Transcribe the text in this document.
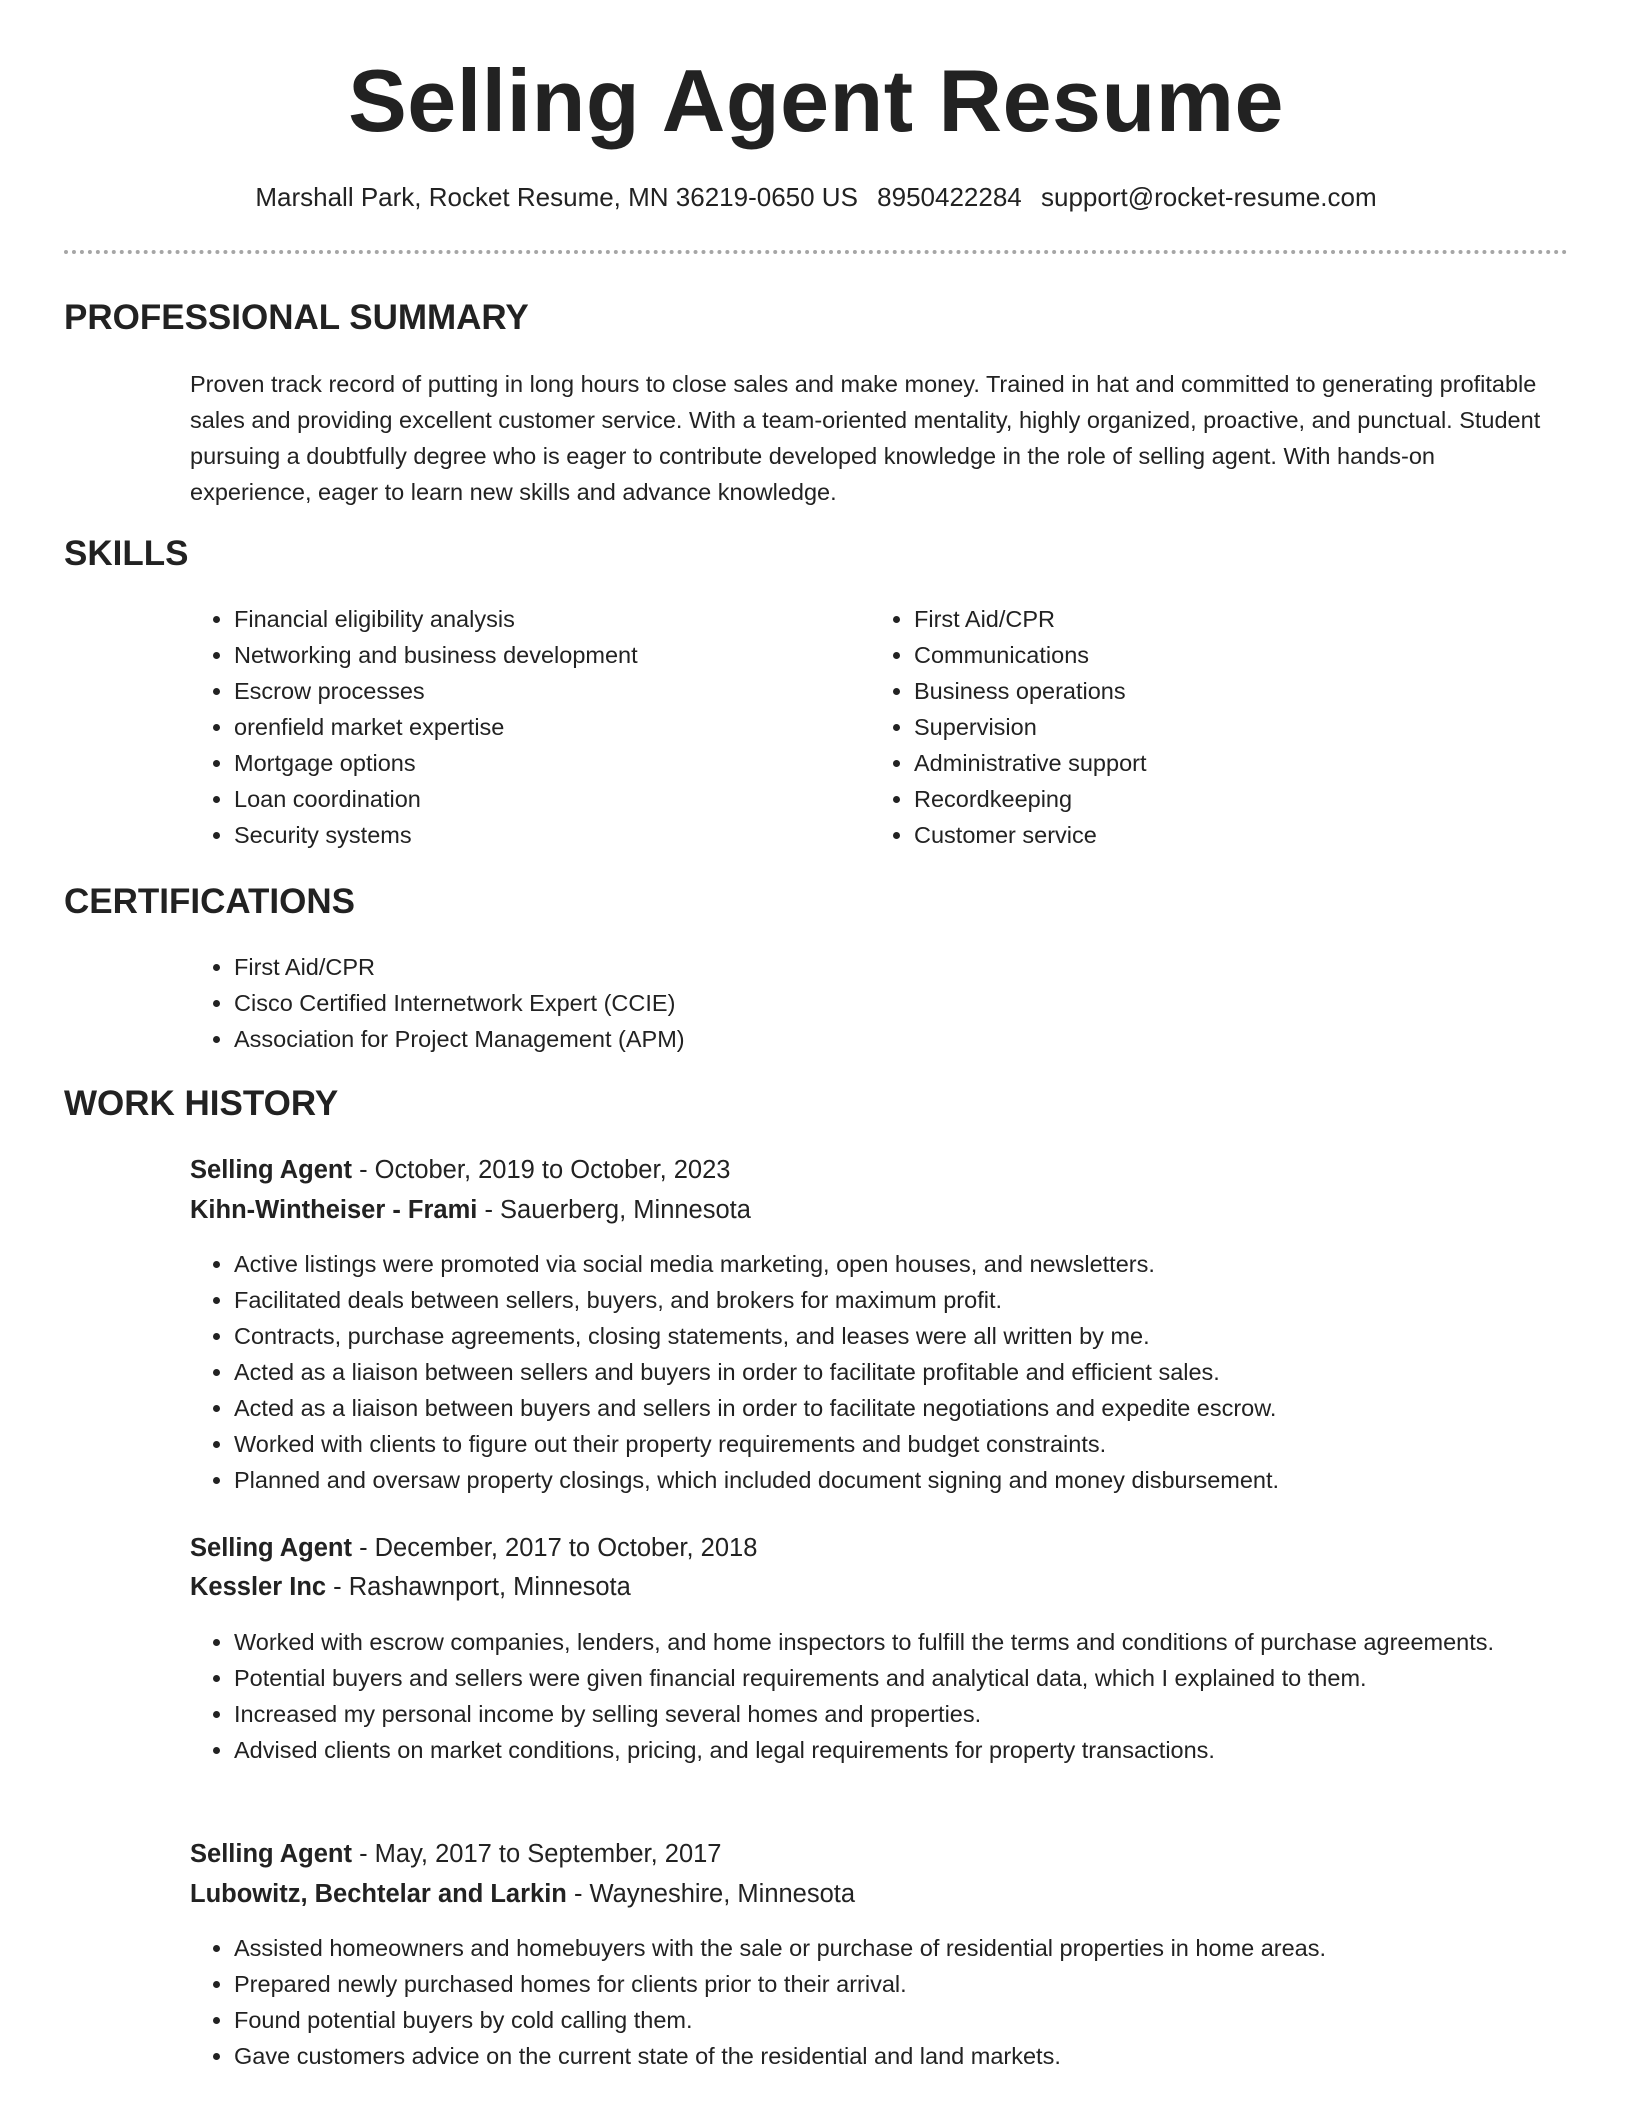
Selling Agent Resume
Marshall Park, Rocket Resume, MN 36219-0650 US 8950422284 support@rocket-resume.com
PROFESSIONAL SUMMARY

Proven track record of putting in long hours to close sales and make money. Trained in hat and committed to generating profitable sales and providing excellent customer service. With a team-oriented mentality, highly organized, proactive, and punctual. Student pursuing a doubtfully degree who is eager to contribute developed knowledge in the role of selling agent. With hands-on experience, eager to learn new skills and advance knowledge.

SKILLS
• Financial eligibility analysis
• Networking and business development
• Escrow processes
• orenfield market expertise
• Mortgage options
• Loan coordination
• Security systems
• First Aid/CPR
• Communications
• Business operations
• Supervision
• Administrative support
• Recordkeeping
• Customer service
CERTIFICATIONS
• First Aid/CPR
• Cisco Certified Internetwork Expert (CCIE)
• Association for Project Management (APM)
WORK HISTORY
Selling Agent - October, 2019 to October, 2023
Kihn-Wintheiser - Frami - Sauerberg, Minnesota
• Active listings were promoted via social media marketing, open houses, and newsletters.
• Facilitated deals between sellers, buyers, and brokers for maximum profit.
• Contracts, purchase agreements, closing statements, and leases were all written by me.
• Acted as a liaison between sellers and buyers in order to facilitate profitable and efficient sales.
• Acted as a liaison between buyers and sellers in order to facilitate negotiations and expedite escrow.
• Worked with clients to figure out their property requirements and budget constraints.
• Planned and oversaw property closings, which included document signing and money disbursement.
Selling Agent - December, 2017 to October, 2018
Kessler Inc - Rashawnport, Minnesota
• Worked with escrow companies, lenders, and home inspectors to fulfill the terms and conditions of purchase agreements.
• Potential buyers and sellers were given financial requirements and analytical data, which I explained to them.
• Increased my personal income by selling several homes and properties.
• Advised clients on market conditions, pricing, and legal requirements for property transactions.
Selling Agent - May, 2017 to September, 2017
Lubowitz, Bechtelar and Larkin - Wayneshire, Minnesota
• Assisted homeowners and homebuyers with the sale or purchase of residential properties in home areas.
• Prepared newly purchased homes for clients prior to their arrival.
• Found potential buyers by cold calling them.
• Gave customers advice on the current state of the residential and land markets.
